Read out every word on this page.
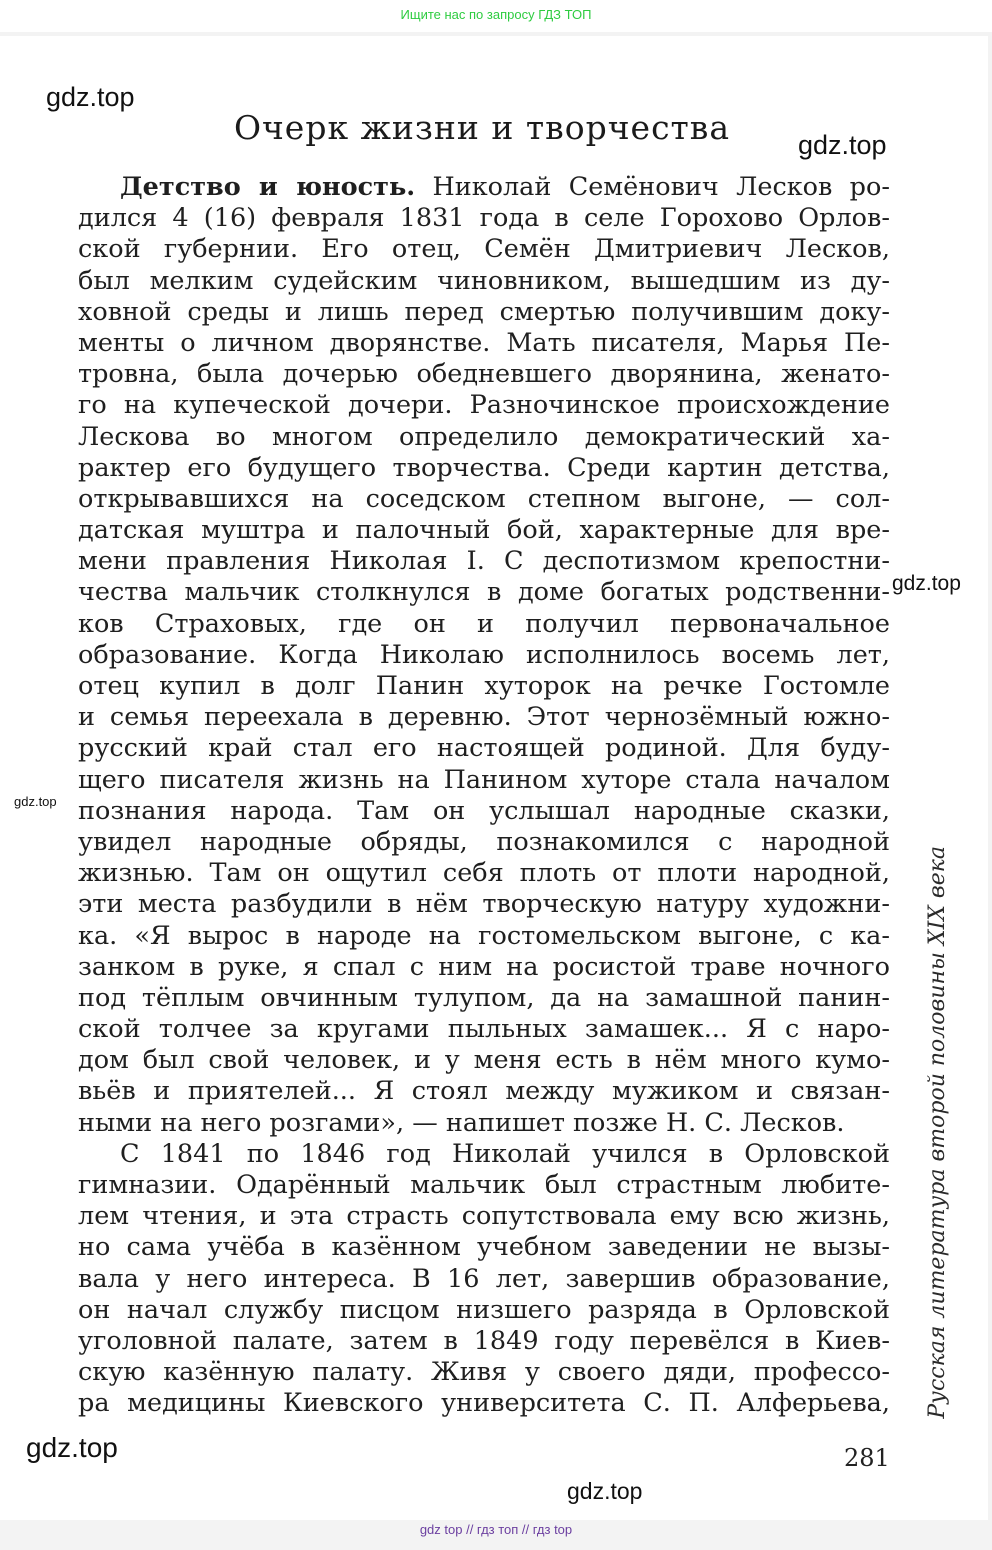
Ищите нас по запросу ГДЗ ТОП
gdz.top
gdz.top
gdz.top
gdz.top
gdz.top
gdz.top
Очерк жизни и творчества
Детство и юность. Николай Семёнович Лесков ро-
дился 4 (16) февраля 1831 года в селе Горохово Орлов-
ской губернии. Его отец, Семён Дмитриевич Лесков,
был мелким судейским чиновником, вышедшим из ду-
ховной среды и лишь перед смертью получившим доку-
менты о личном дворянстве. Мать писателя, Марья Пе-
тровна, была дочерью обедневшего дворянина, женато-
го на купеческой дочери. Разночинское происхождение
Лескова во многом определило демократический ха-
рактер его будущего творчества. Среди картин детства,
открывавшихся на соседском степном выгоне, — сол-
датская муштра и палочный бой, характерные для вре-
мени правления Николая I. С деспотизмом крепостни-
чества мальчик столкнулся в доме богатых родственни-
ков Страховых, где он и получил первоначальное
образование. Когда Николаю исполнилось восемь лет,
отец купил в долг Панин хуторок на речке Гостомле
и семья переехала в деревню. Этот чернозёмный южно-
русский край стал его настоящей родиной. Для буду-
щего писателя жизнь на Панином хуторе стала началом
познания народа. Там он услышал народные сказки,
увидел народные обряды, познакомился с народной
жизнью. Там он ощутил себя плоть от плоти народной,
эти места разбудили в нём творческую натуру художни-
ка. «Я вырос в народе на гостомельском выгоне, с ка-
занком в руке, я спал с ним на росистой траве ночного
под тёплым овчинным тулупом, да на замашной панин-
ской толчее за кругами пыльных замашек... Я с наро-
дом был свой человек, и у меня есть в нём много кумо-
вьёв и приятелей... Я стоял между мужиком и связан-
ными на него розгами», — напишет позже Н. С. Лесков.
С 1841 по 1846 год Николай учился в Орловской
гимназии. Одарённый мальчик был страстным любите-
лем чтения, и эта страсть сопутствовала ему всю жизнь,
но сама учёба в казённом учебном заведении не вызы-
вала у него интереса. В 16 лет, завершив образование,
он начал службу писцом низшего разряда в Орловской
уголовной палате, затем в 1849 году перевёлся в Киев-
скую казённую палату. Живя у своего дяди, профессо-
ра медицины Киевского университета С. П. Алферьева, Русская литература второй половины XIX века
281
gdz top // гдз топ // гдз top
